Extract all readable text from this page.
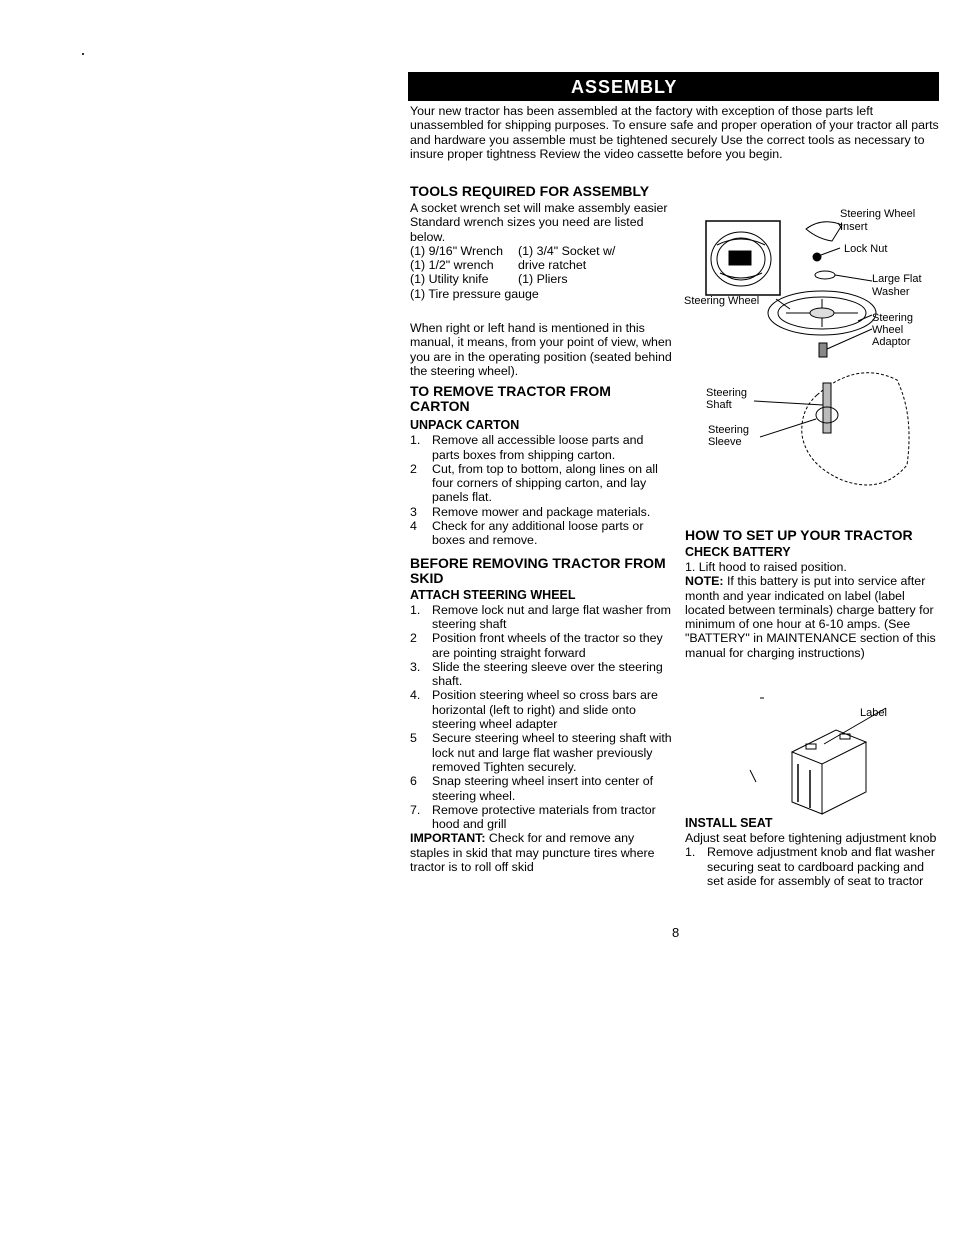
ASSEMBLY

Your new tractor has been assembled at the factory with exception of those parts left unassembled for shipping purposes. To ensure safe and proper operation of your tractor all parts and hardware you assemble must be tightened securely Use the correct tools as necessary to insure proper tightness Review the video cassette before you begin.

TOOLS REQUIRED FOR ASSEMBLY

A socket wrench set will make assembly easier Standard wrench sizes you need are listed below.

(1) 9/16" Wrench	(1) 3/4" Socket w/
(1) 1/2" wrench	drive ratchet
(1) Utility knife	(1) Pliers
(1) Tire pressure gauge

When right or left hand is mentioned in this manual, it means, from your point of view, when you are in the operating position (seated behind the steering wheel).

TO REMOVE TRACTOR FROM CARTON
UNPACK CARTON
1. Remove all accessible loose parts and parts boxes from shipping carton.
2	Cut, from top to bottom, along lines on all four corners of shipping carton, and lay panels flat.
3	Remove mower and package materials.
4	Check for any additional loose parts or boxes and remove.
BEFORE REMOVING TRACTOR FROM SKID
ATTACH STEERING WHEEL
1. Remove lock nut and large flat washer from steering shaft
2	Position front wheels of the tractor so they are pointing straight forward
3. Slide the steering sleeve over the steering shaft.
4. Position steering wheel so cross bars are horizontal (left to right) and slide onto steering wheel adapter
5	Secure steering wheel to steering shaft with lock nut and large flat washer previously removed Tighten securely.
6	Snap steering wheel insert into center of steering wheel.
7. Remove protective materials from tractor hood and grill

IMPORTANT: Check for and remove any staples in skid that may puncture tires where tractor is to roll off skid

Steering Wheel
Insert
Lock Nut
Large Flat
Washer
Steering Wheel
Steering
Wheel
Adaptor
Steering
Shaft
Steering
Sleeve
HOW TO SET UP YOUR TRACTOR
CHECK BATTERY

1. Lift hood to raised position.

NOTE: If this battery is put into service after month and year indicated on label (label located between terminals) charge battery for minimum of one hour at 6-10 amps. (See "BATTERY" in MAINTENANCE section of this manual for charging instructions)

INSTALL SEAT

Adjust seat before tightening adjustment knob

1. Remove adjustment knob and flat washer securing seat to cardboard packing and set aside for assembly of seat to tractor
Label
8
